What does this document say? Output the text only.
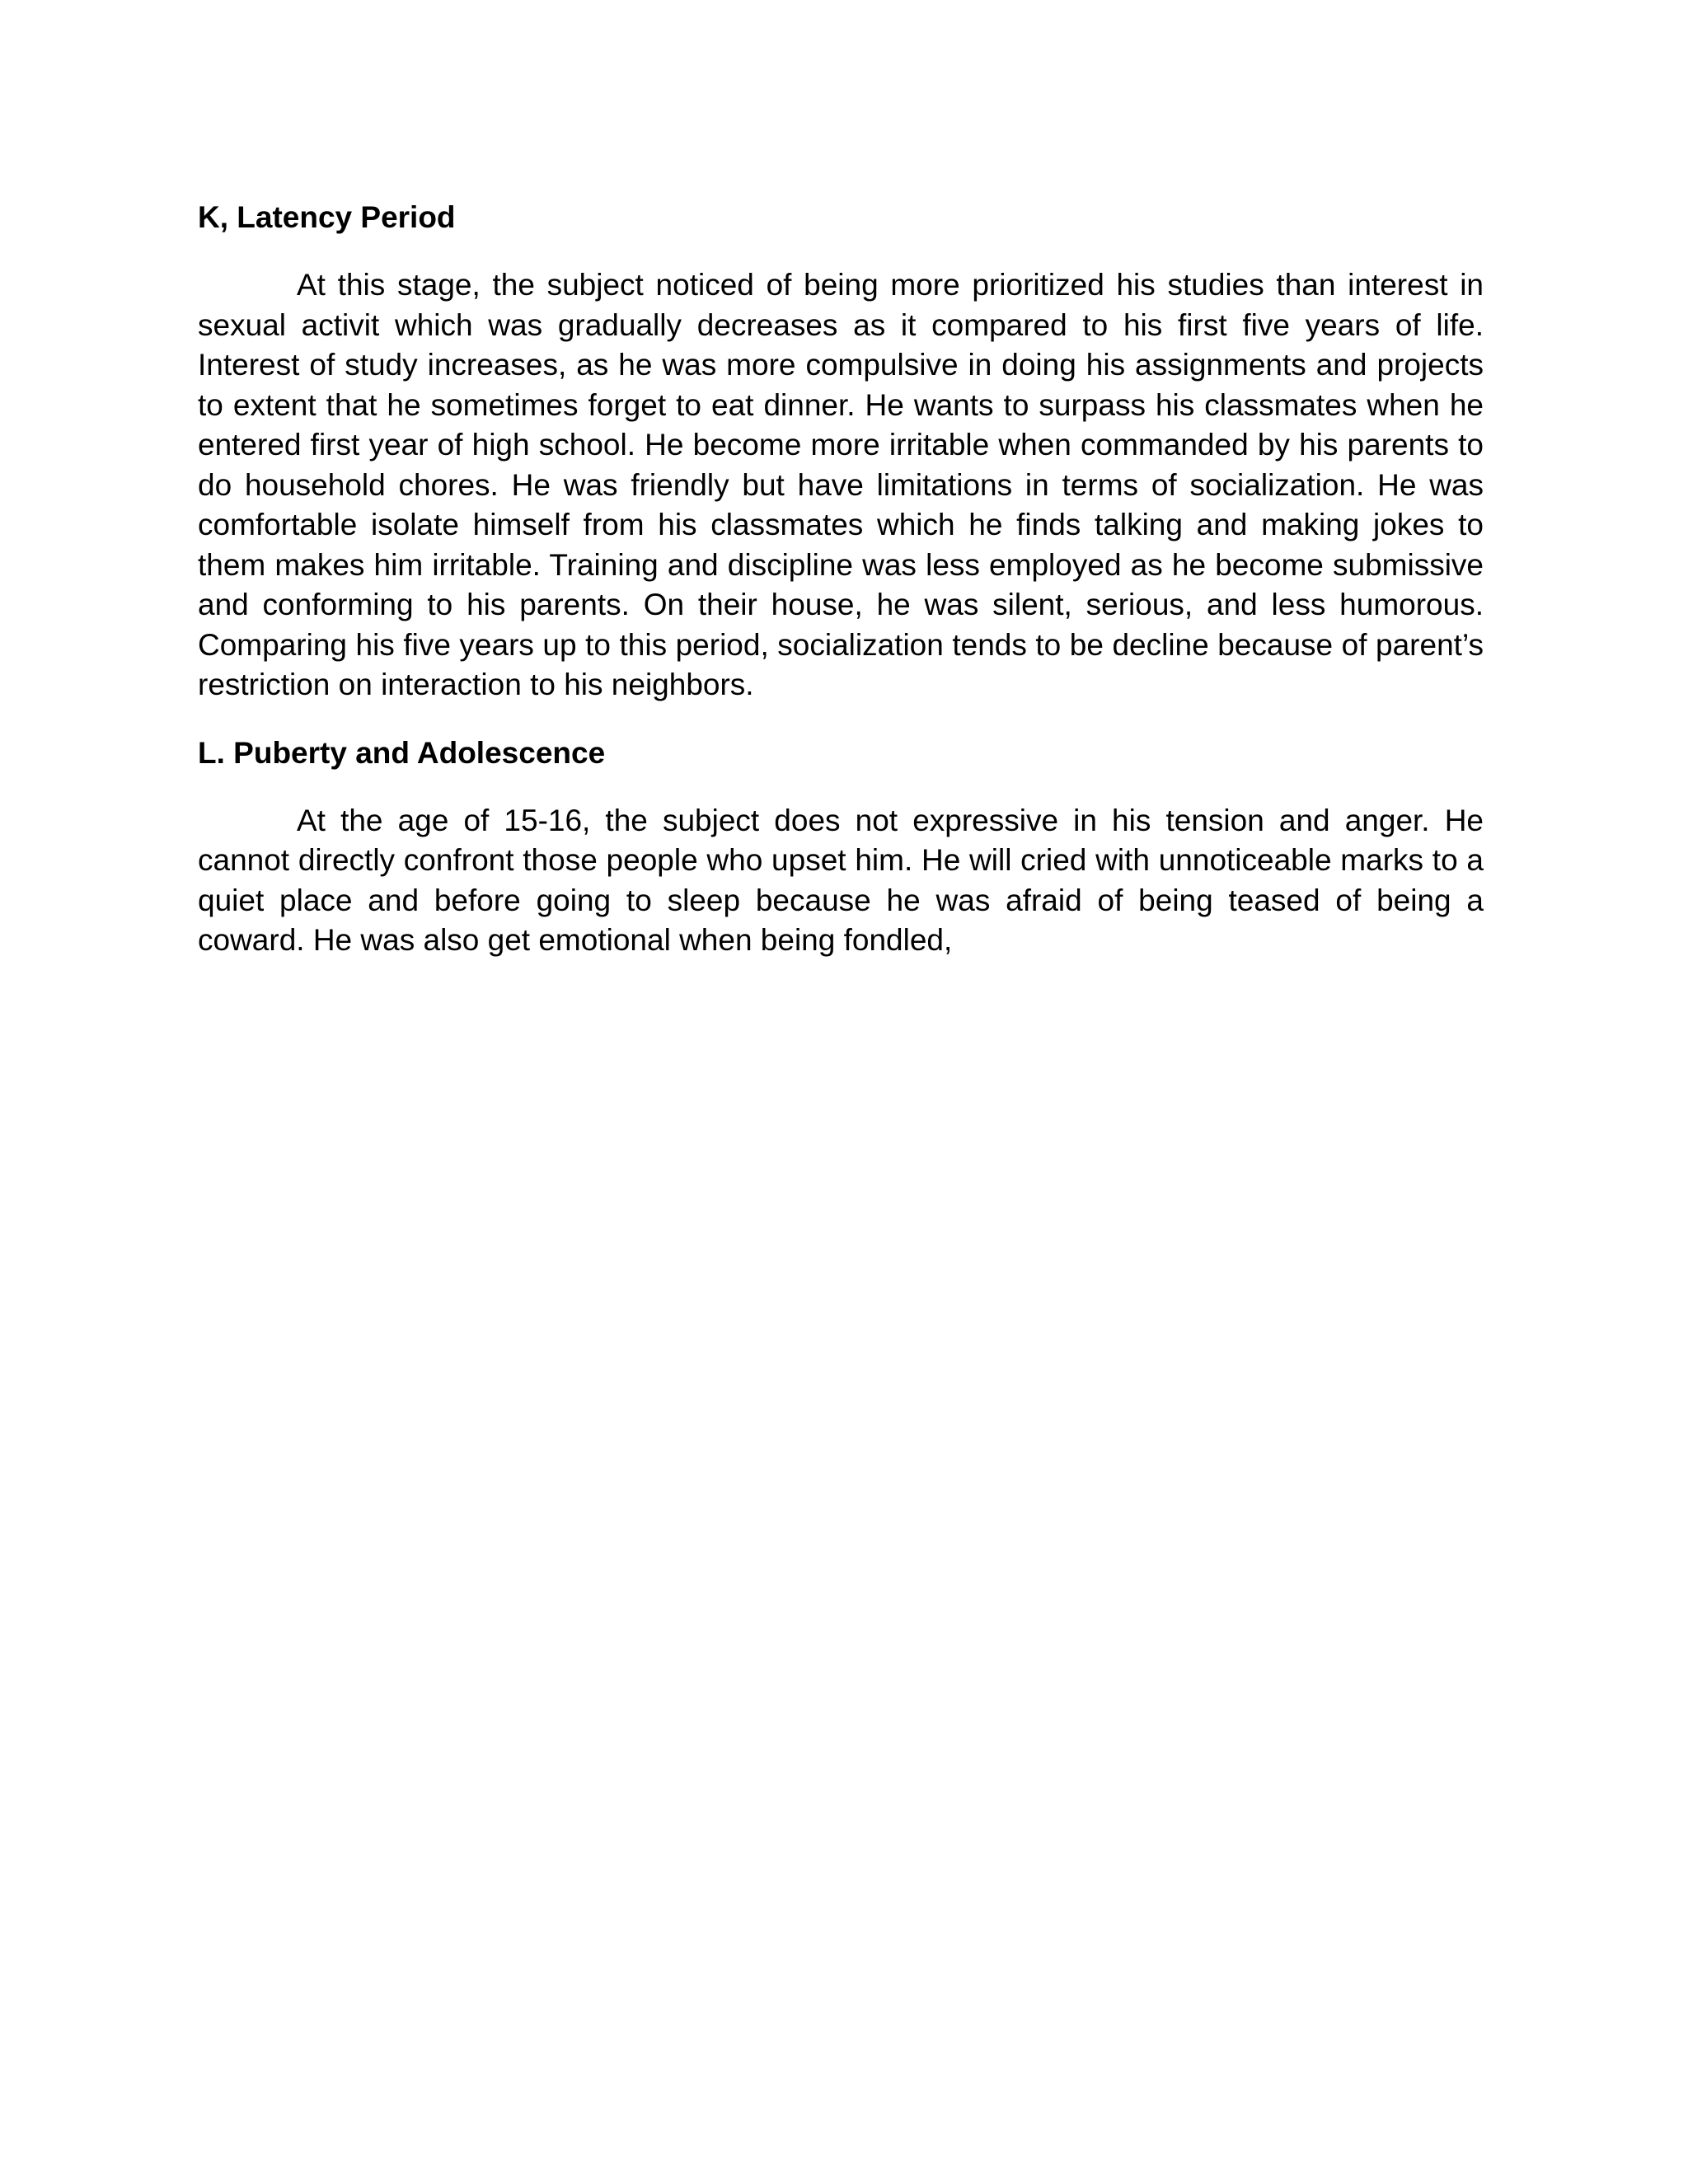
K, Latency Period

At this stage, the subject noticed of being more prioritized his studies than interest in sexual activit which was gradually decreases as it compared to his first five years of life. Interest of study increases, as he was more compulsive in doing his assignments and projects to extent that he sometimes forget to eat dinner. He wants to surpass his classmates when he entered first year of high school. He become more irritable when commanded by his parents to do household chores. He was friendly but have limitations in terms of socialization. He was comfortable isolate himself from his classmates which he finds talking and making jokes to them makes him irritable. Training and discipline was less employed as he become submissive and conforming to his parents. On their house, he was silent, serious, and less humorous. Comparing his five years up to this period, socialization tends to be decline because of parent’s restriction on interaction to his neighbors.

L. Puberty and Adolescence

At the age of 15-16, the subject does not expressive in his tension and anger. He cannot directly confront those people who upset him. He will cried with unnoticeable marks to a quiet place and before going to sleep because he was afraid of being teased of being a coward. He was also get emotional when being fondled,
